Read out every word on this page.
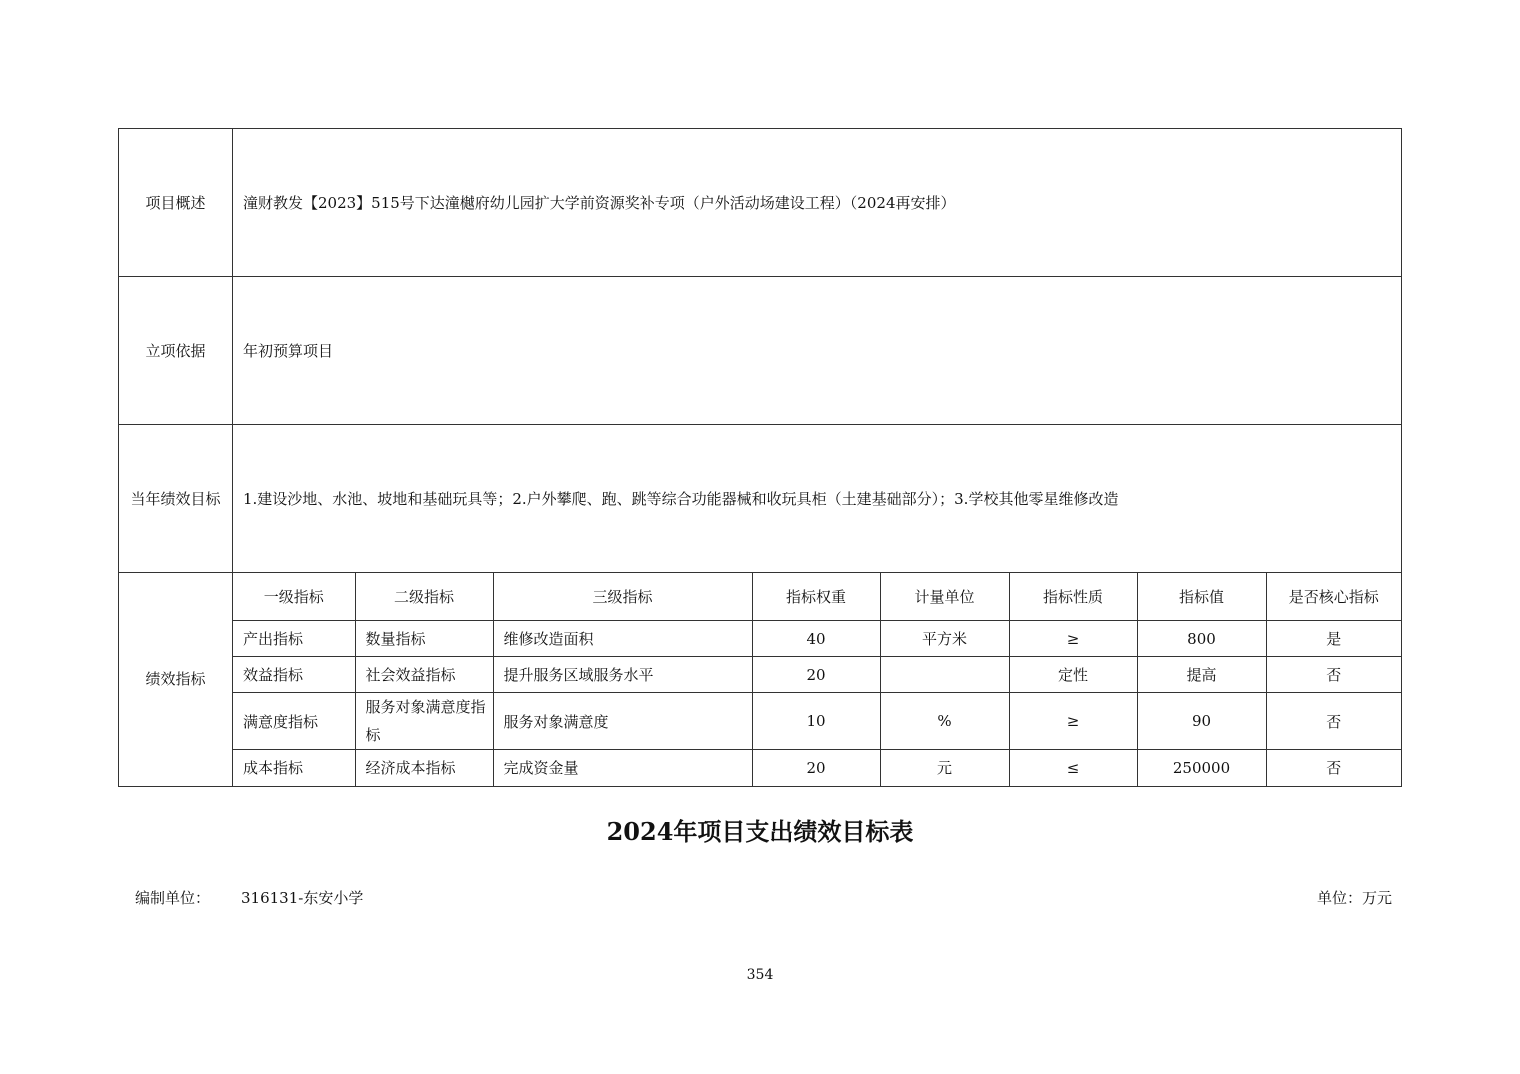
项目概述	潼财教发【2023】515号下达潼樾府幼儿园扩大学前资源奖补专项（户外活动场建设工程）（2024再安排）
立项依据	年初预算项目
当年绩效目标	1.建设沙地、水池、坡地和基础玩具等；2.户外攀爬、跑、跳等综合功能器械和收玩具柜（土建基础部分）；3.学校其他零星维修改造
绩效指标	
一级指标	二级指标	三级指标	指标权重	计量单位	指标性质	指标值	是否核心指标
产出指标	数量指标	维修改造面积	40	平方米	≥	800	是
效益指标	社会效益指标	提升服务区域服务水平	20		定性	提高	否
满意度指标	服务对象满意度指标	服务对象满意度	10	%	≥	90	否
成本指标	经济成本指标	完成资金量	20	元	≤	250000	否
2024年项目支出绩效目标表
编制单位： 316131-东安小学	单位：万元
354
